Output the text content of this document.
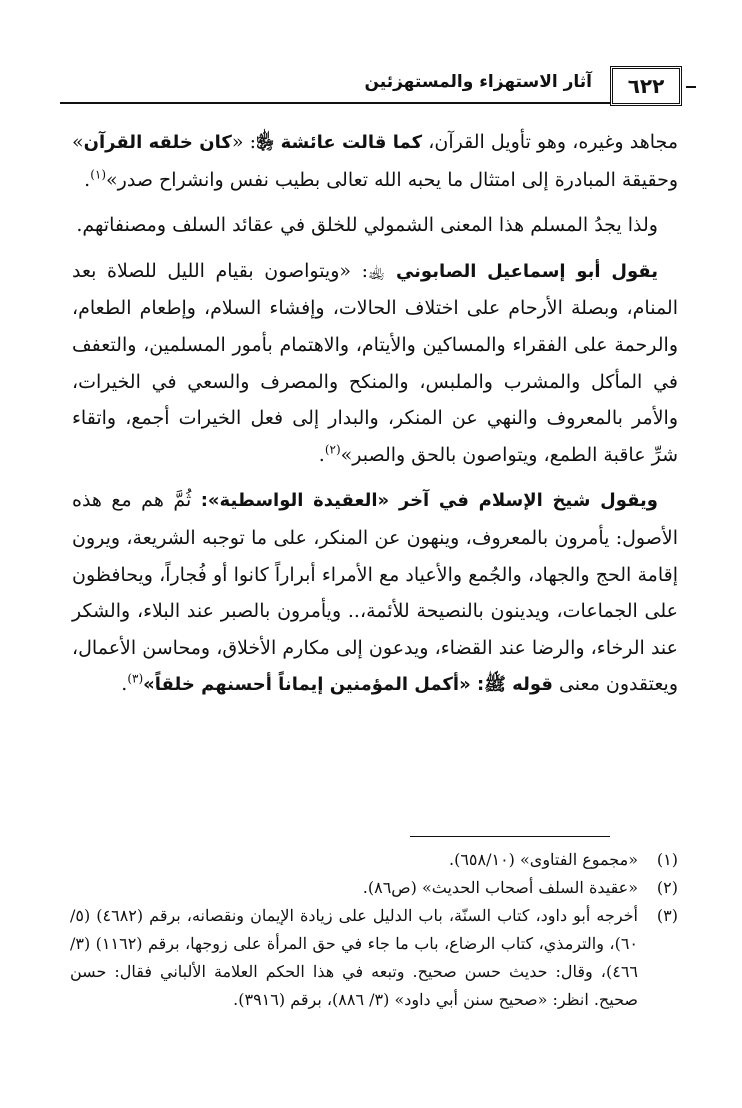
٦٢٢
آثار الاستهزاء والمستهزئين

مجاهد وغيره، وهو تأويل القرآن، كما قالت عائشة ﵂: «كان خلقه القرآن» وحقيقة المبادرة إلى امتثال ما يحبه الله تعالى بطيب نفس وانشراح صدر»$^{(١)}$.

ولذا يجدُ المسلم هذا المعنى الشمولي للخلق في عقائد السلف ومصنفاتهم.

يقول أبو إسماعيل الصابوني ﵀: «ويتواصون بقيام الليل للصلاة بعد المنام، وبصلة الأرحام على اختلاف الحالات، وإفشاء السلام، وإطعام الطعام، والرحمة على الفقراء والمساكين والأيتام، والاهتمام بأمور المسلمين، والتعفف في المأكل والمشرب والملبس، والمنكح والمصرف والسعي في الخيرات، والأمر بالمعروف والنهي عن المنكر، والبدار إلى فعل الخيرات أجمع، واتقاء شرِّ عاقبة الطمع، ويتواصون بالحق والصبر»$^{(٢)}$.

ويقول شيخ الإسلام في آخر «العقيدة الواسطية»: ثُمَّ هم مع هذه الأصول: يأمرون بالمعروف، وينهون عن المنكر، على ما توجبه الشريعة، ويرون إقامة الحج والجهاد، والجُمع والأعياد مع الأمراء أبراراً كانوا أو فُجاراً، ويحافظون على الجماعات، ويدينون بالنصيحة للأئمة،.. ويأمرون بالصبر عند البلاء، والشكر عند الرخاء، والرضا عند القضاء، ويدعون إلى مكارم الأخلاق، ومحاسن الأعمال، ويعتقدون معنى قوله ﷺ: «أكمل المؤمنين إيماناً أحسنهم خلقاً»$^{(٣)}$.

(١)
«مجموع الفتاوى» (٦٥٨/١٠).
(٢)
«عقيدة السلف أصحاب الحديث» (ص٨٦).
(٣)
أخرجه أبو داود، كتاب السنّة، باب الدليل على زيادة الإيمان ونقصانه، برقم (٤٦٨٢) (٥/ ٦٠)، والترمذي، كتاب الرضاع، باب ما جاء في حق المرأة على زوجها، برقم (١١٦٢) (٣/ ٤٦٦)، وقال: حديث حسن صحيح. وتبعه في هذا الحكم العلامة الألباني فقال: حسن صحيح. انظر: «صحيح سنن أبي داود» (٣/ ٨٨٦)، برقم (٣٩١٦).
